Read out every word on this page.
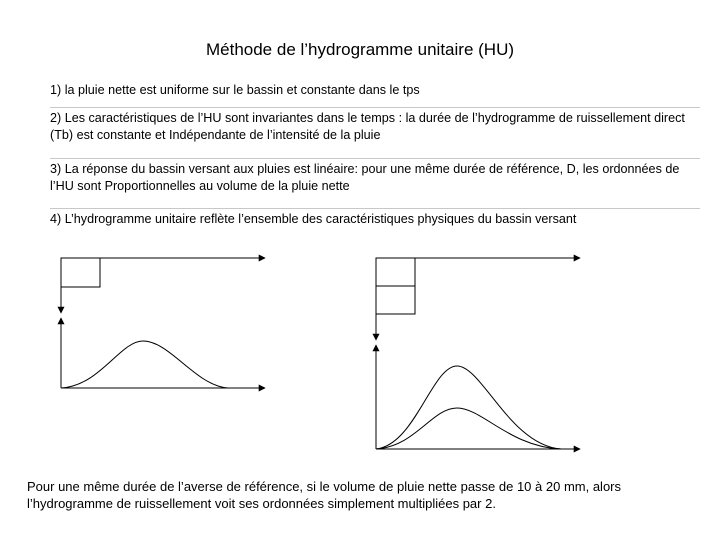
Méthode de l’hydrogramme unitaire (HU)
1) la pluie nette est uniforme sur le bassin et constante dans le tps
2) Les caractéristiques de l’HU sont invariantes dans le temps : la durée de l’hydrogramme de ruissellement direct (Tb) est constante et Indépendante de l’intensité de la pluie
3) La réponse du bassin versant aux pluies est linéaire: pour une même durée de référence, D, les ordonnées de l’HU sont Proportionnelles au volume de la pluie nette
4) L’hydrogramme unitaire reflète l’ensemble des caractéristiques physiques du bassin versant
Pour une même durée de l’averse de référence, si le volume de pluie nette passe de 10 à 20 mm, alors l’hydrogramme de ruissellement voit ses ordonnées simplement multipliées par 2.
